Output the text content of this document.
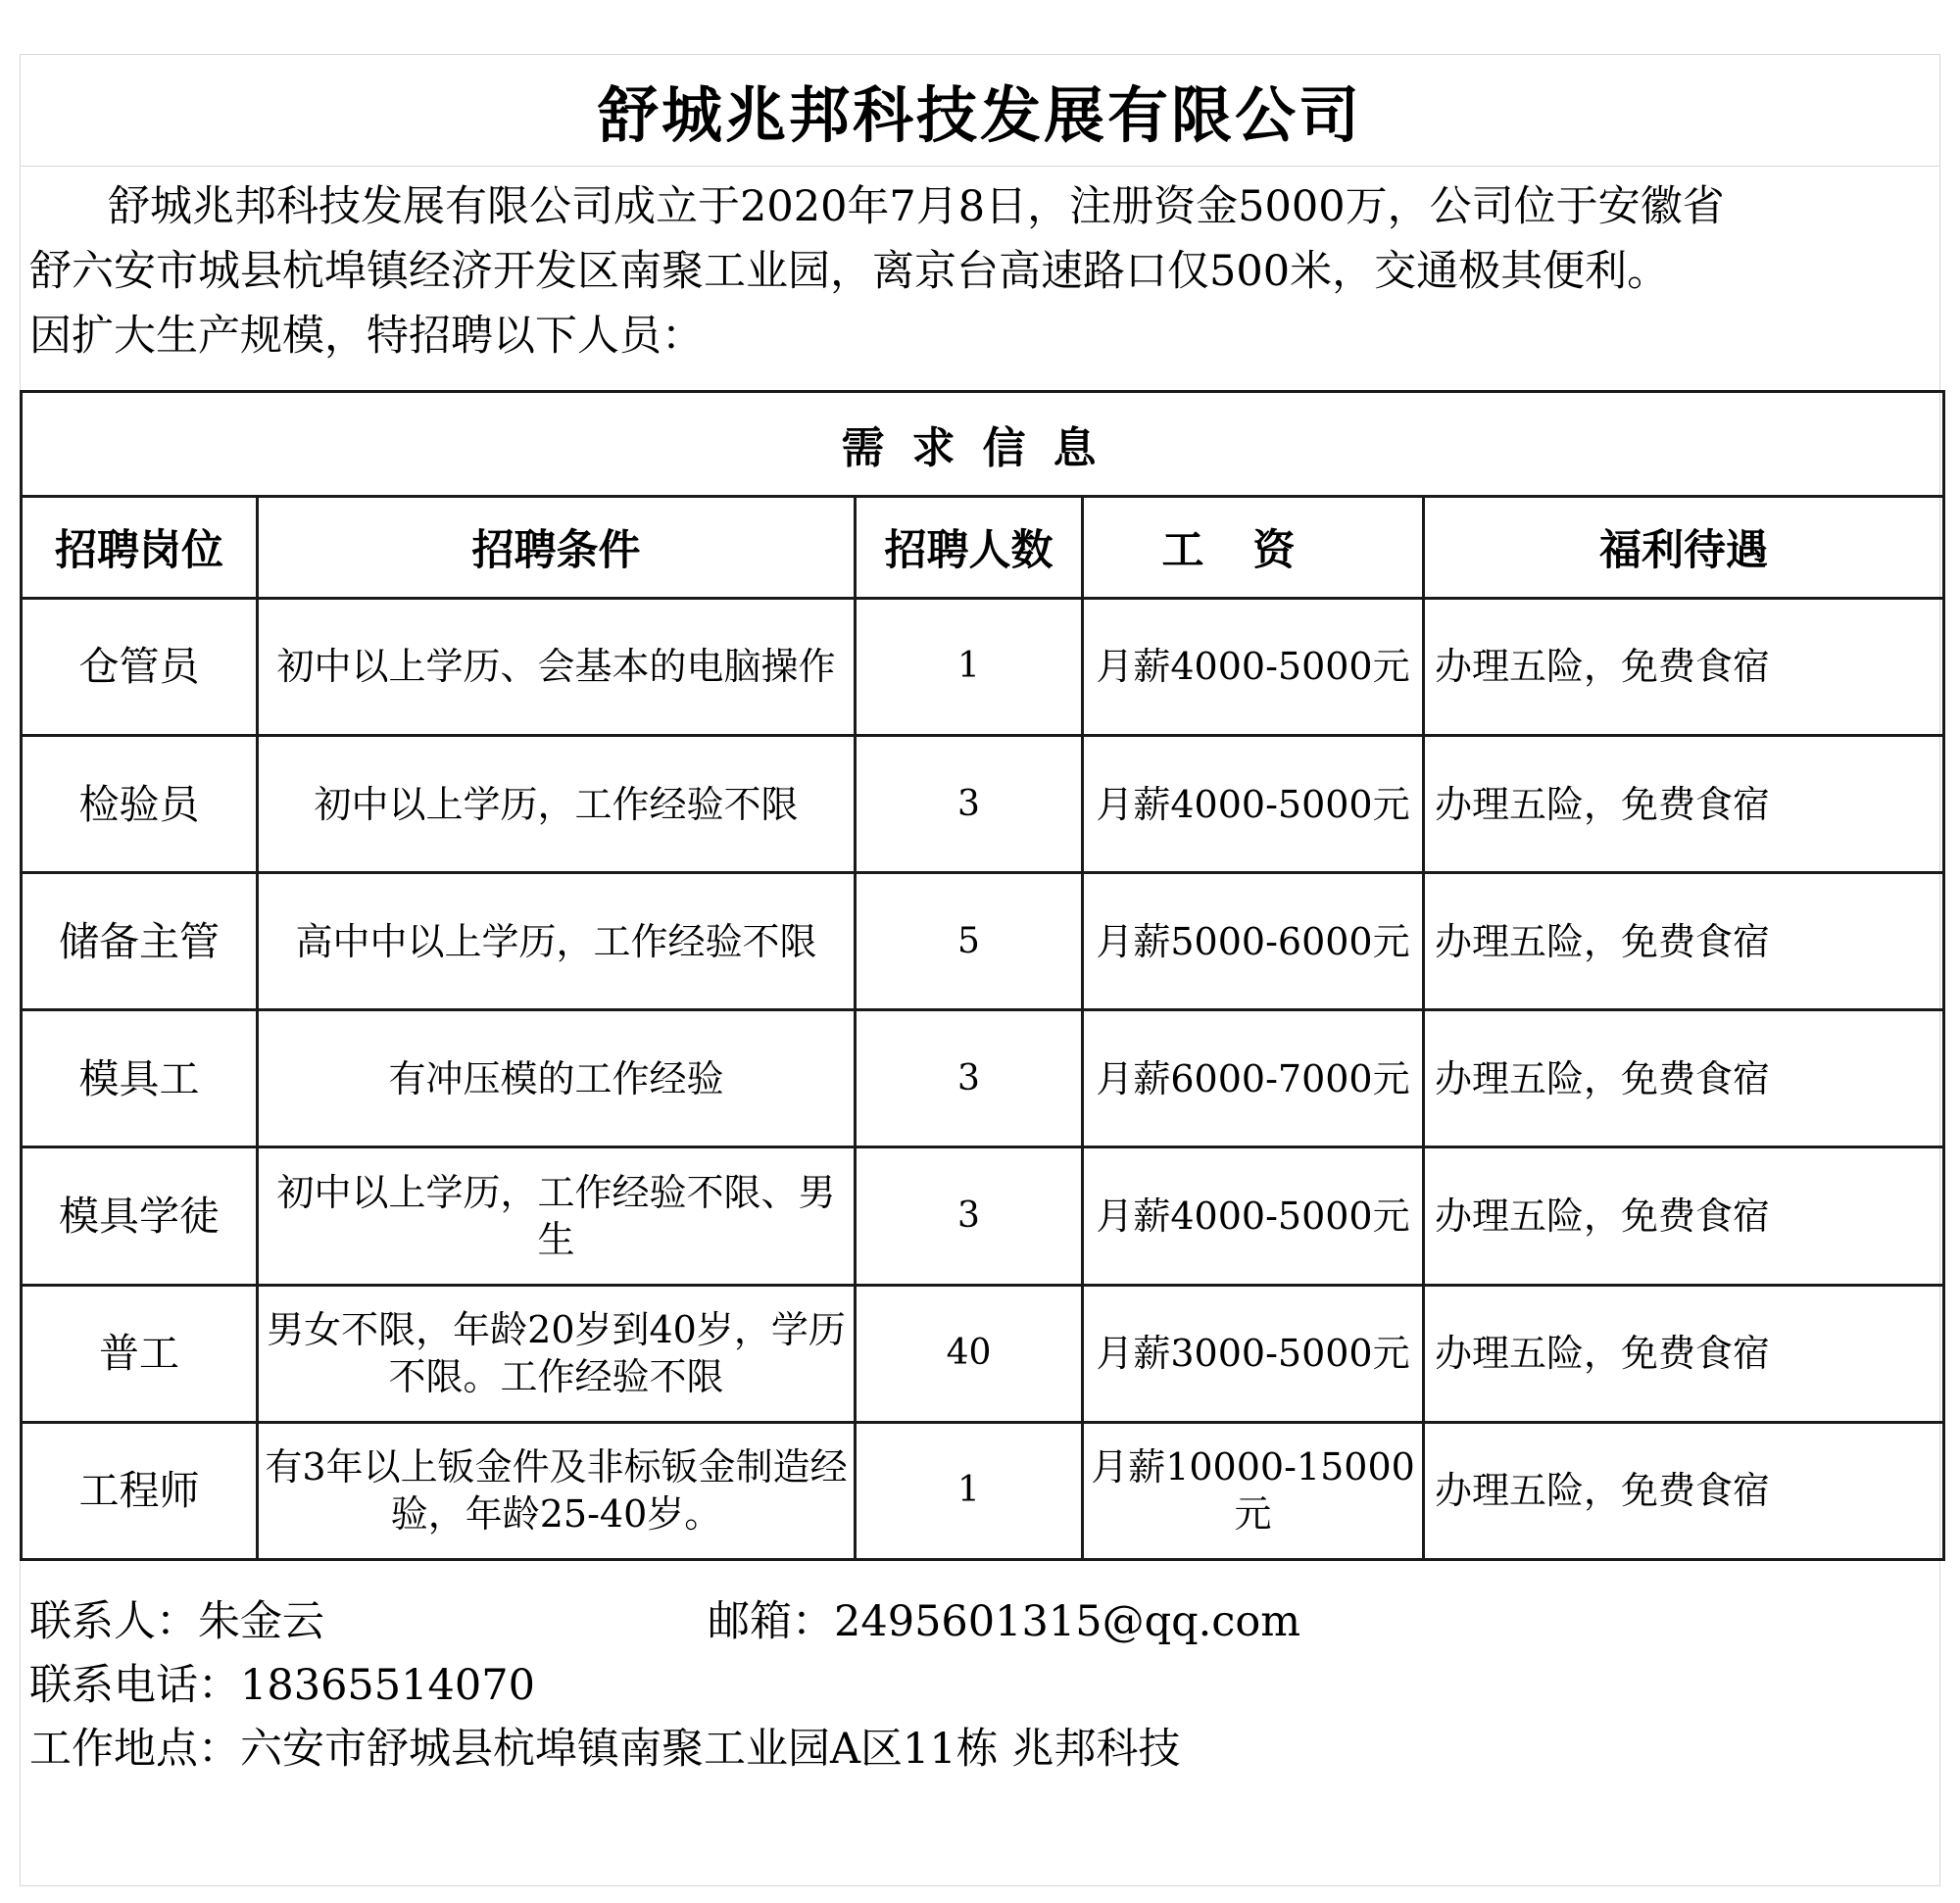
舒城兆邦科技发展有限公司

舒城兆邦科技发展有限公司成立于2020年7月8日，注册资金5000万，公司位于安徽省

舒六安市城县杭埠镇经济开发区南聚工业园，离京台高速路口仅500米，交通极其便利。

因扩大生产规模，特招聘以下人员：

需求信息				
招聘岗位	招聘条件	招聘人数	工资	福利待遇
仓管员	初中以上学历、会基本的电脑操作	1	月薪4000-5000元	办理五险，免费食宿
检验员	初中以上学历，工作经验不限	3	月薪4000-5000元	办理五险，免费食宿
储备主管	高中中以上学历，工作经验不限	5	月薪5000-6000元	办理五险，免费食宿
模具工	有冲压模的工作经验	3	月薪6000-7000元	办理五险，免费食宿
模具学徒	初中以上学历，工作经验不限、男生	3	月薪4000-5000元	办理五险，免费食宿
普工	男女不限，年龄20岁到40岁，学历不限。工作经验不限	40	月薪3000-5000元	办理五险，免费食宿
工程师	有3年以上钣金件及非标钣金制造经验，年龄25-40岁。	1	月薪10000-15000元	办理五险，免费食宿
联系人：朱金云	邮箱：2495601315@qq.com
联系电话：18365514070
工作地点：六安市舒城县杭埠镇南聚工业园A区11栋 兆邦科技
